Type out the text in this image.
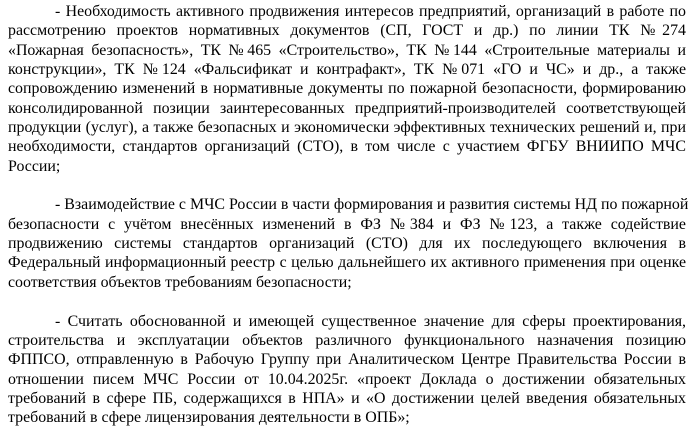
- Необходимость активного продвижения интересов предприятий, организаций в работе по
рассмотрению проектов нормативных документов (СП, ГОСТ и др.) по линии ТК №274
«Пожарная безопасность», ТК №465 «Строительство», ТК №144 «Строительные материалы и
конструкции», ТК №124 «Фальсификат и контрафакт», ТК №071 «ГО и ЧС» и др., а также
сопровождению изменений в нормативные документы по пожарной безопасности, формированию
консолидированной позиции заинтересованных предприятий-производителей соответствующей
продукции (услуг), а также безопасных и экономически эффективных технических решений и, при
необходимости, стандартов организаций (СТО), в том числе с участием ФГБУ ВНИИПО МЧС
России;
- Взаимодействие с МЧС России в части формирования и развития системы НД по пожарной
безопасности с учётом внесённых изменений в ФЗ №384 и ФЗ №123, а также содействие
продвижению системы стандартов организаций (СТО) для их последующего включения в
Федеральный информационный реестр с целью дальнейшего их активного применения при оценке
соответствия объектов требованиям безопасности;
- Считать обоснованной и имеющей существенное значение для сферы проектирования,
строительства и эксплуатации объектов различного функционального назначения позицию
ФППСО, отправленную в Рабочую Группу при Аналитическом Центре Правительства России в
отношении писем МЧС России от 10.04.2025г. «проект Доклада о достижении обязательных
требований в сфере ПБ, содержащихся в НПА» и «О достижении целей введения обязательных
требований в сфере лицензирования деятельности в ОПБ»;
